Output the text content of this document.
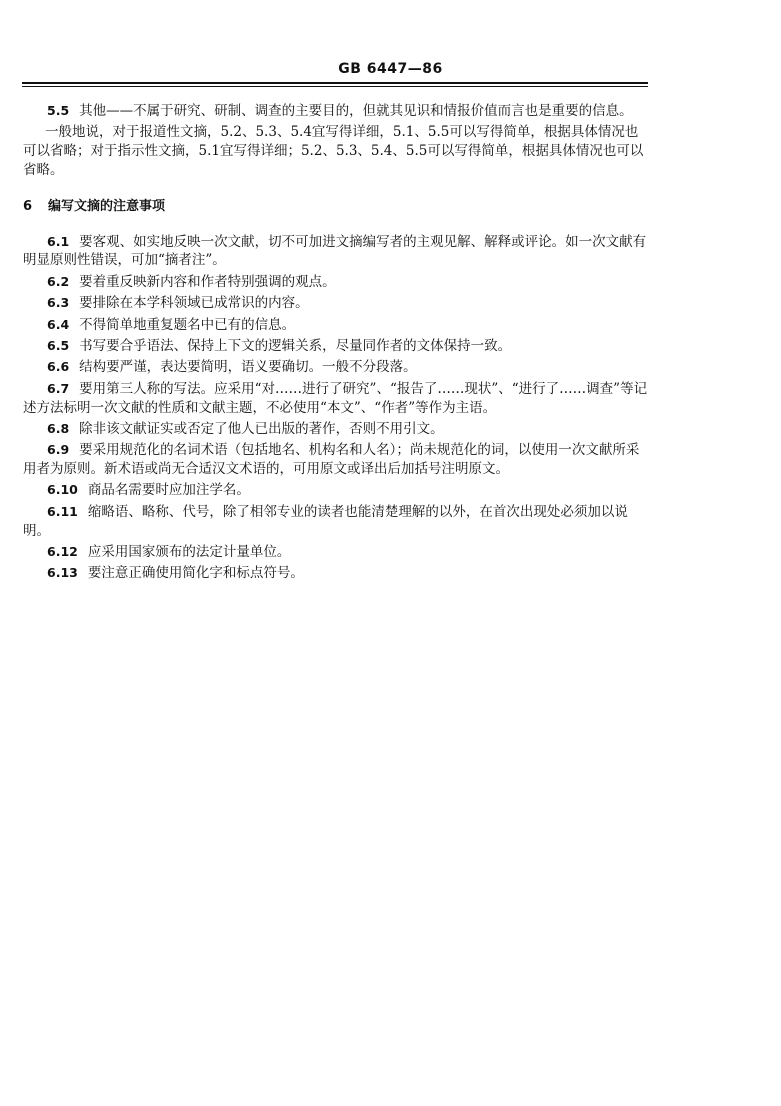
GB 6447—86

5.5 其他——不属于研究、研制、调查的主要目的，但就其见识和情报价值而言也是重要的信息。

一般地说，对于报道性文摘，5.2、5.3、5.4宜写得详细，5.1、5.5可以写得简单，根据具体情况也可以省略；对于指示性文摘，5.1宜写得详细；5.2、5.3、5.4、5.5可以写得简单，根据具体情况也可以省略。

6 编写文摘的注意事项

6.1 要客观、如实地反映一次文献，切不可加进文摘编写者的主观见解、解释或评论。如一次文献有明显原则性错误，可加“摘者注”。

6.2 要着重反映新内容和作者特别强调的观点。

6.3 要排除在本学科领域已成常识的内容。

6.4 不得简单地重复题名中已有的信息。

6.5 书写要合乎语法、保持上下文的逻辑关系，尽量同作者的文体保持一致。

6.6 结构要严谨，表达要简明，语义要确切。一般不分段落。

6.7 要用第三人称的写法。应采用“对……进行了研究”、“报告了……现状”、“进行了……调查”等记述方法标明一次文献的性质和文献主题，不必使用“本文”、“作者”等作为主语。

6.8 除非该文献证实或否定了他人已出版的著作，否则不用引文。

6.9 要采用规范化的名词术语（包括地名、机构名和人名）；尚未规范化的词，以使用一次文献所采用者为原则。新术语或尚无合适汉文术语的，可用原文或译出后加括号注明原文。

6.10 商品名需要时应加注学名。

6.11 缩略语、略称、代号，除了相邻专业的读者也能清楚理解的以外，在首次出现处必须加以说明。

6.12 应采用国家颁布的法定计量单位。

6.13 要注意正确使用简化字和标点符号。
